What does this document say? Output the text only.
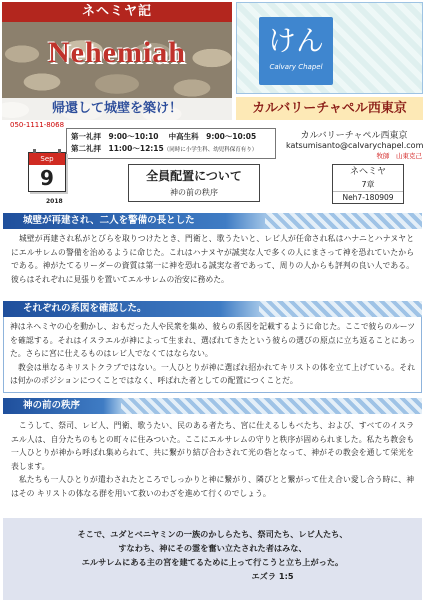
ネヘミヤ記
Nehemiah
帰還して城壁を築け！
けん
Calvary Chapel
カルバリーチャペル西東京
050-1111-8068
第一礼拝　9:00～10:10　 中高生科　9:00～10:05
第二礼拝　11:00～12:15（同時に小学生科、幼児科保育有り）
カルバリーチャペル西東京
katsumisanto@calvarychapel.com
牧師　山東克己
Sep
9
2018
全員配置について
神の前の秩序
ネヘミヤ
7章
Neh7-180909
城壁が再建され、二人を警備の長とした
　城壁が再建され私がとびらを取りつけたとき、門衛と、歌うたいと、レビ人が任命され私はハナニとハナヌヤとにエルサレムの警備を治めるように命じた。これはハナヌヤが誠実な人で多くの人にまさって神を恐れていたからである。神がたてるリーダーの資質は第一に神を恐れる誠実な者であって、周りの人からも評判の良い人である。彼らはそれぞれに見張りを置いてエルサレムの治安に務めた。
それぞれの系図を確認した。
神はネヘミヤの心を動かし、おもだった人や民衆を集め、彼らの系図を記載するように命じた。ここで彼らのルーツを確認する。それはイスラエルが神によって生まれ、選ばれてきたという彼らの選びの原点に立ち返ることにあった。さらに宮に仕えるものはレビ人でなくてはならない。
　教会は単なるキリストクラブではない。一人ひとりが神に選ばれ招かれてキリストの体を立て上げている。それは何かのポジションにつくことではなく、呼ばれた者としての配置につくことだ。
神の前の秩序
　こうして、祭司、レビ人、門衛、歌うたい、民のある者たち、宮に仕えるしもべたち、および、すべてのイスラエル人は、自分たちのもとの町々に住みついた。ここにエルサレムの守りと秩序が固められました。私たち教会も一人ひとりが神から呼ばれ集められて、共に繋がり結び合わされて光の砦となって、神がその教会を通して栄光を表します。
　私たちも一人ひとりが遣わされたところでしっかりと神に繋がり、隣びとと繋がって仕え合い愛し合う時に、神はその キリストの体なる群を用いて救いのわざを進めて行くのでしょう。
そこで、ユダとベニヤミンの一族のかしらたち、祭司たち、レビ人たち、
すなわち、神にその霊を奮い立たされた者はみな、
エルサレムにある主の宮を建てるために上って行こうと立ち上がった。
エズラ 1:5
